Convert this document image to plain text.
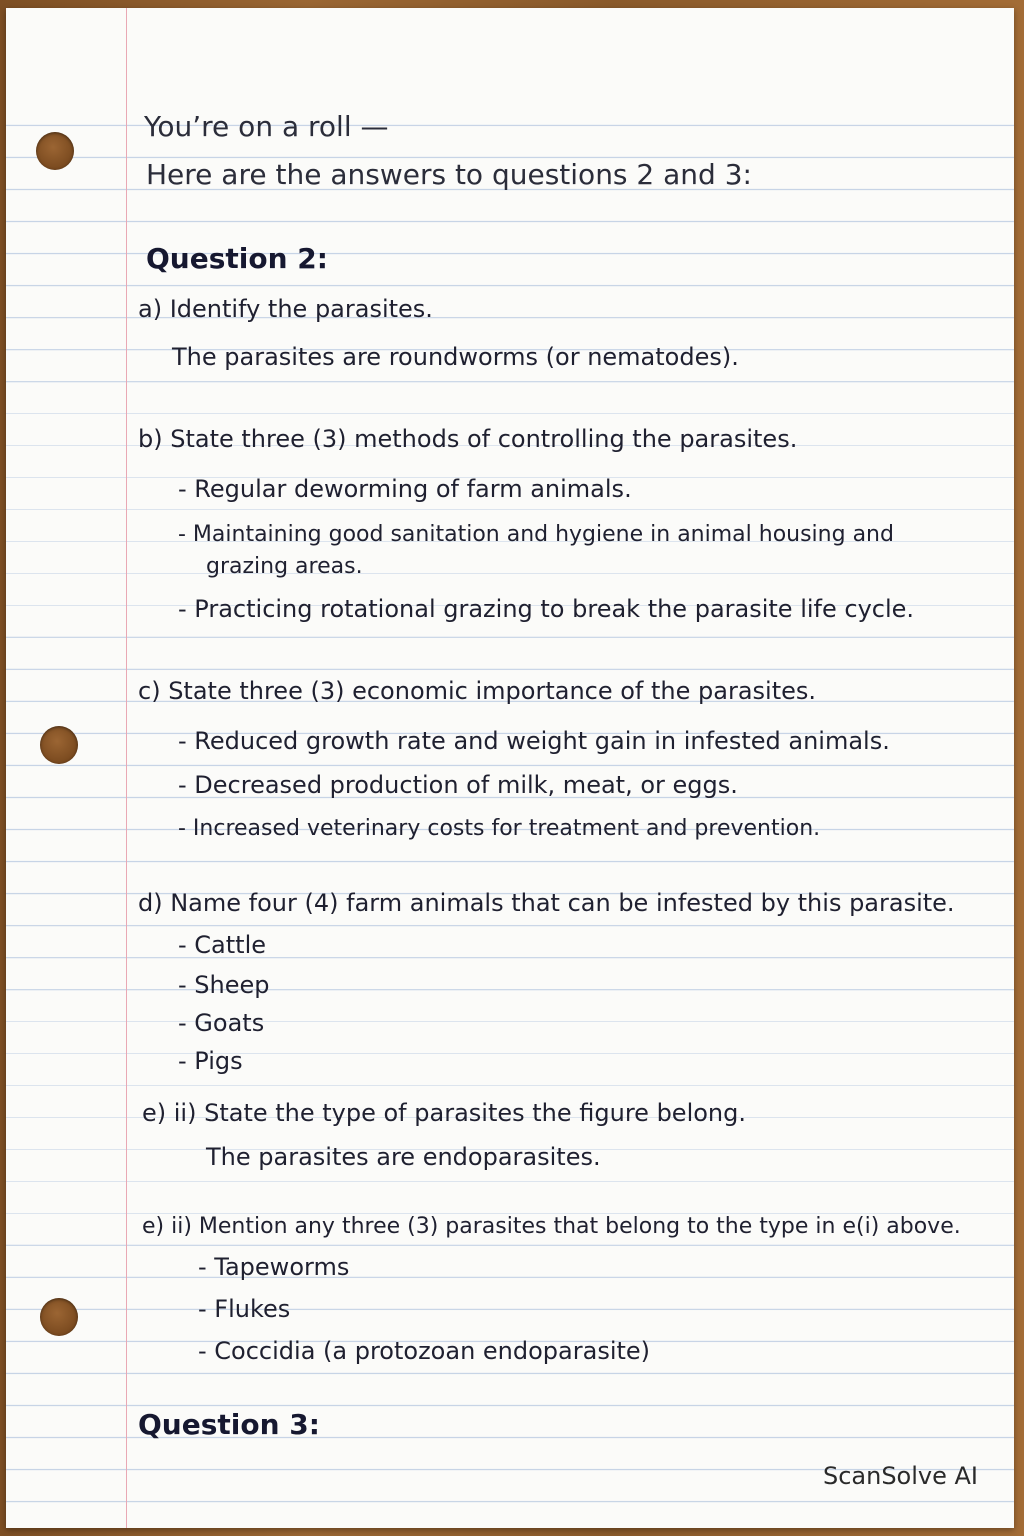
You’re on a roll —
Here are the answers to questions 2 and 3:
Question 2:
a) Identify the parasites.
The parasites are roundworms (or nematodes).
b) State three (3) methods of controlling the parasites.
- Regular deworming of farm animals.
- Maintaining good sanitation and hygiene in animal housing and
grazing areas.
- Practicing rotational grazing to break the parasite life cycle.
c) State three (3) economic importance of the parasites.
- Reduced growth rate and weight gain in infested animals.
- Decreased production of milk, meat, or eggs.
- Increased veterinary costs for treatment and prevention.
d) Name four (4) farm animals that can be infested by this parasite.
- Cattle
- Sheep
- Goats
- Pigs
e) ii) State the type of parasites the figure belong.
The parasites are endoparasites.
e) ii) Mention any three (3) parasites that belong to the type in e(i) above.
- Tapeworms
- Flukes
- Coccidia (a protozoan endoparasite)
Question 3:
ScanSolve AI
